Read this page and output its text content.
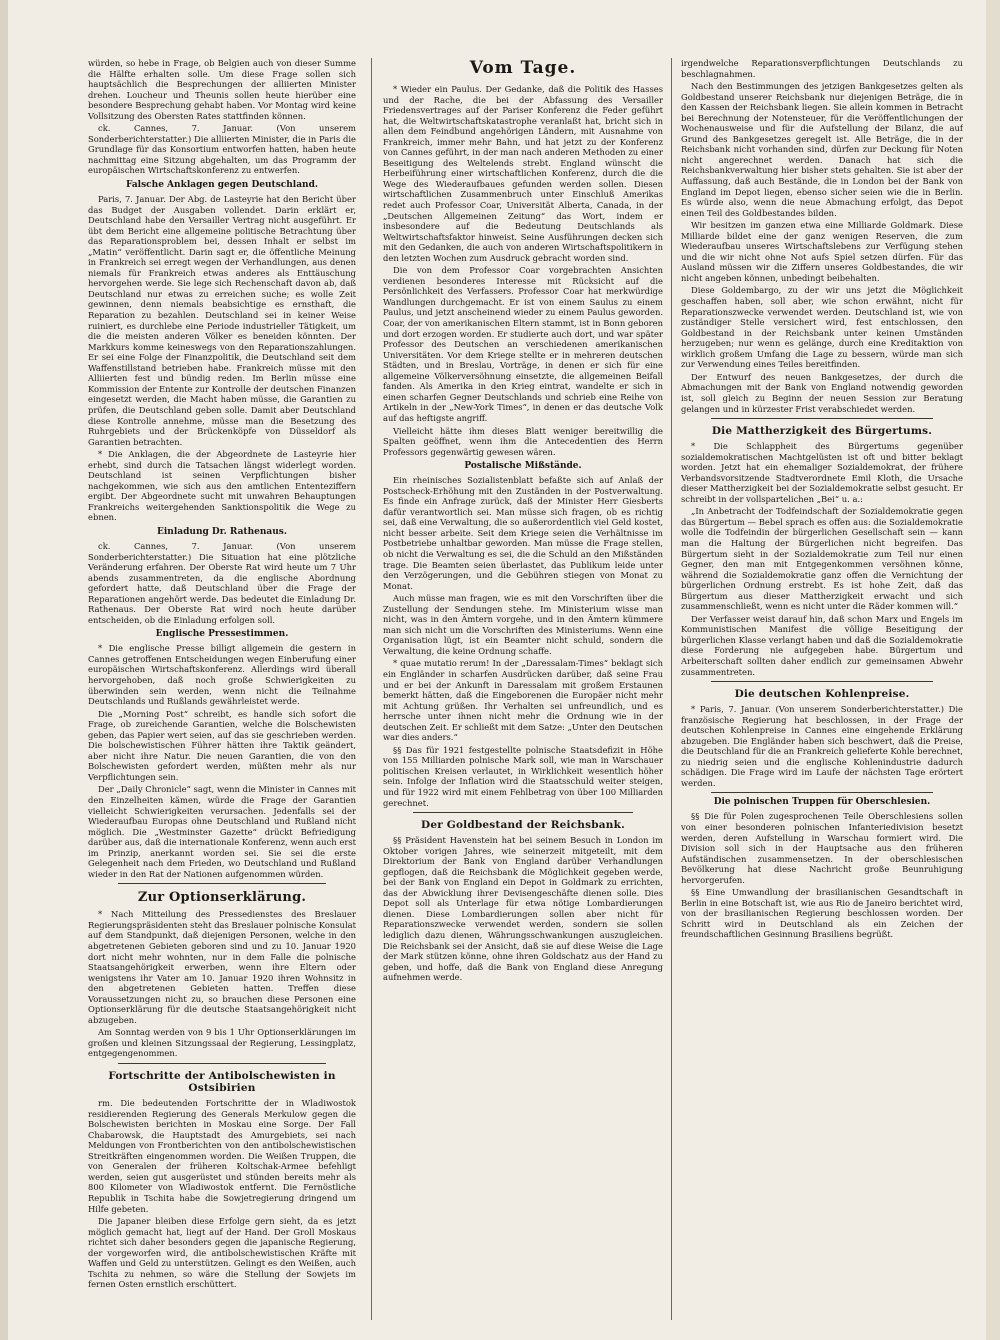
würden, so hebe in Frage, ob Belgien auch von dieser Summe die Hälfte erhalten solle. Um diese Frage sollen sich hauptsächlich die Besprechungen der alliierten Minister drehen. Loucheur und Theunis sollen heute hierüber eine besondere Besprechung gehabt haben. Vor Montag wird keine Vollsitzung des Obersten Rates stattfinden können.

ck. Cannes, 7. Januar. (Von unserem Sonderberichterstatter.) Die alliierten Minister, die in Paris die Grundlage für das Konsortium entworfen hatten, haben heute nachmittag eine Sitzung abgehalten, um das Programm der europäischen Wirtschaftskonferenz zu entwerfen.

Falsche Anklagen gegen Deutschland.

Paris, 7. Januar. Der Abg. de Lasteyrie hat den Bericht über das Budget der Ausgaben vollendet. Darin erklärt er, Deutschland habe den Versailler Vertrag nicht ausgeführt. Er übt dem Bericht eine allgemeine politische Betrachtung über das Reparationsproblem bei, dessen Inhalt er selbst im „Matin“ veröffentlicht. Darin sagt er, die öffentliche Meinung in Frankreich sei erregt wegen der Verhandlungen, aus denen niemals für Frankreich etwas anderes als Enttäuschung hervorgehen werde. Sie lege sich Rechenschaft davon ab, daß Deutschland nur etwas zu erreichen suche; es wolle Zeit gewinnen, denn niemals beabsichtige es ernsthaft, die Reparation zu bezahlen. Deutschland sei in keiner Weise ruiniert, es durchlebe eine Periode industrieller Tätigkeit, um die die meisten anderen Völker es beneiden könnten. Der Markkurs komme keineswegs von den Reparationszahlungen. Er sei eine Folge der Finanzpolitik, die Deutschland seit dem Waffenstillstand betrieben habe. Frankreich müsse mit den Alliierten fest und bündig reden. Im Berlin müsse eine Kommission der Entente zur Kontrolle der deutschen Finanzen eingesetzt werden, die Macht haben müsse, die Garantien zu prüfen, die Deutschland geben solle. Damit aber Deutschland diese Kontrolle annehme, müsse man die Besetzung des Ruhrgebiets und der Brückenköpfe von Düsseldorf als Garantien betrachten.

* Die Anklagen, die der Abgeordnete de Lasteyrie hier erhebt, sind durch die Tatsachen längst widerlegt worden. Deutschland ist seinen Verpflichtungen bisher nachgekommen, wie sich aus den amtlichen Ententeziffern ergibt. Der Abgeordnete sucht mit unwahren Behauptungen Frankreichs weitergehenden Sanktionspolitik die Wege zu ebnen.

Einladung Dr. Rathenaus.

ck. Cannes, 7. Januar. (Von unserem Sonderberichterstatter.) Die Situation hat eine plötzliche Veränderung erfahren. Der Oberste Rat wird heute um 7 Uhr abends zusammentreten, da die englische Abordnung gefordert hatte, daß Deutschland über die Frage der Reparationen angehört werde. Das bedeutet die Einladung Dr. Rathenaus. Der Oberste Rat wird noch heute darüber entscheiden, ob die Einladung erfolgen soll.

Englische Pressestimmen.

* Die englische Presse billigt allgemein die gestern in Cannes getroffenen Entscheidungen wegen Einberufung einer europäischen Wirtschaftskonferenz. Allerdings wird überall hervorgehoben, daß noch große Schwierigkeiten zu überwinden sein werden, wenn nicht die Teilnahme Deutschlands und Rußlands gewährleistet werde.

Die „Morning Post“ schreibt, es handle sich sofort die Frage, ob zureichende Garantien, welche die Bolschewisten geben, das Papier wert seien, auf das sie geschrieben werden. Die bolschewistischen Führer hätten ihre Taktik geändert, aber nicht ihre Natur. Die neuen Garantien, die von den Bolschewisten gefordert werden, müßten mehr als nur Verpflichtungen sein.

Der „Daily Chronicle“ sagt, wenn die Minister in Cannes mit den Einzelheiten kämen, würde die Frage der Garantien vielleicht Schwierigkeiten verursachen. Jedenfalls sei der Wiederaufbau Europas ohne Deutschland und Rußland nicht möglich. Die „Westminster Gazette“ drückt Befriedigung darüber aus, daß die internationale Konferenz, wenn auch erst im Prinzip, anerkannt worden sei. Sie sei die erste Gelegenheit nach dem Frieden, wo Deutschland und Rußland wieder in den Rat der Nationen aufgenommen würden.

Zur Optionserklärung.

* Nach Mitteilung des Pressedienstes des Breslauer Regierungspräsidenten steht das Breslauer polnische Konsulat auf dem Standpunkt, daß diejenigen Personen, welche in den abgetretenen Gebieten geboren sind und zu 10. Januar 1920 dort nicht mehr wohnten, nur in dem Falle die polnische Staatsangehörigkeit erwerben, wenn ihre Eltern oder wenigstens ihr Vater am 10. Januar 1920 ihren Wohnsitz in den abgetretenen Gebieten hatten. Treffen diese Voraussetzungen nicht zu, so brauchen diese Personen eine Optionserklärung für die deutsche Staatsangehörigkeit nicht abzugeben.

Am Sonntag werden von 9 bis 1 Uhr Optionserklärungen im großen und kleinen Sitzungssaal der Regierung, Lessingplatz, entgegengenommen.

Fortschritte der Antibolschewisten in Ostsibirien

rm. Die bedeutenden Fortschritte der in Wladiwostok residierenden Regierung des Generals Merkulow gegen die Bolschewisten berichten in Moskau eine Sorge. Der Fall Chabarowsk, die Hauptstadt des Amurgebiets, sei nach Meldungen von Frontberichten von den antibolschewistischen Streitkräften eingenommen worden. Die Weißen Truppen, die von Generalen der früheren Koltschak-Armee befehligt werden, seien gut ausgerüstet und stünden bereits mehr als 800 Kilometer von Wladiwostok entfernt. Die Fernöstliche Republik in Tschita habe die Sowjetregierung dringend um Hilfe gebeten.

Die Japaner bleiben diese Erfolge gern sieht, da es jetzt möglich gemacht hat, liegt auf der Hand. Der Groll Moskaus richtet sich daher besonders gegen die japanische Regierung, der vorgeworfen wird, die antibolschewistischen Kräfte mit Waffen und Geld zu unterstützen. Gelingt es den Weißen, auch Tschita zu nehmen, so wäre die Stellung der Sowjets im fernen Osten ernstlich erschüttert.

Vom Tage.

* Wieder ein Paulus. Der Gedanke, daß die Politik des Hasses und der Rache, die bei der Abfassung des Versailler Friedensvertrages auf der Pariser Konferenz die Feder geführt hat, die Weltwirtschaftskatastrophe veranlaßt hat, bricht sich in allen dem Feindbund angehörigen Ländern, mit Ausnahme von Frankreich, immer mehr Bahn, und hat jetzt zu der Konferenz von Cannes geführt, in der man nach anderen Methoden zu einer Beseitigung des Weltelends strebt. England wünscht die Herbeiführung einer wirtschaftlichen Konferenz, durch die die Wege des Wiederaufbaues gefunden werden sollen. Diesen wirtschaftlichen Zusammenbruch unter Einschluß Amerikas redet auch Professor Coar, Universität Alberta, Canada, in der „Deutschen Allgemeinen Zeitung“ das Wort, indem er insbesondere auf die Bedeutung Deutschlands als Weltwirtschaftsfaktor hinweist. Seine Ausführungen decken sich mit den Gedanken, die auch von anderen Wirtschaftspolitikern in den letzten Wochen zum Ausdruck gebracht worden sind.

Die von dem Professor Coar vorgebrachten Ansichten verdienen besonderes Interesse mit Rücksicht auf die Persönlichkeit des Verfassers. Professor Coar hat merkwürdige Wandlungen durchgemacht. Er ist von einem Saulus zu einem Paulus, und jetzt anscheinend wieder zu einem Paulus geworden. Coar, der von amerikanischen Eltern stammt, ist in Bonn geboren und dort erzogen worden. Er studierte auch dort, und war später Professor des Deutschen an verschiedenen amerikanischen Universitäten. Vor dem Kriege stellte er in mehreren deutschen Städten, und in Breslau, Vorträge, in denen er sich für eine allgemeine Völkerversöhnung einsetzte, die allgemeinen Beifall fanden. Als Amerika in den Krieg eintrat, wandelte er sich in einen scharfen Gegner Deutschlands und schrieb eine Reihe von Artikeln in der „New-York Times“, in denen er das deutsche Volk auf das heftigste angriff.

Vielleicht hätte ihm dieses Blatt weniger bereitwillig die Spalten geöffnet, wenn ihm die Antecedentien des Herrn Professors gegenwärtig gewesen wären.

Postalische Mißstände.

Ein rheinisches Sozialistenblatt befaßte sich auf Anlaß der Postscheck-Erhöhung mit den Zuständen in der Postverwaltung. Es finde ein Anfrage zurück, daß der Minister Herr Giesberts dafür verantwortlich sei. Man müsse sich fragen, ob es richtig sei, daß eine Verwaltung, die so außerordentlich viel Geld kostet, nicht besser arbeite. Seit dem Kriege seien die Verhältnisse im Postbetriebe unhaltbar geworden. Man müsse die Frage stellen, ob nicht die Verwaltung es sei, die die Schuld an den Mißständen trage. Die Beamten seien überlastet, das Publikum leide unter den Verzögerungen, und die Gebühren stiegen von Monat zu Monat.

Auch müsse man fragen, wie es mit den Vorschriften über die Zustellung der Sendungen stehe. Im Ministerium wisse man nicht, was in den Ämtern vorgehe, und in den Ämtern kümmere man sich nicht um die Vorschriften des Ministeriums. Wenn eine Organisation lügt, ist ein Beamter nicht schuld, sondern die Verwaltung, die keine Ordnung schaffe.

* quae mutatio rerum! In der „Daressalam-Times“ beklagt sich ein Engländer in scharfen Ausdrücken darüber, daß seine Frau und er bei der Ankunft in Daressalam mit großem Erstaunen bemerkt hätten, daß die Eingeborenen die Europäer nicht mehr mit Achtung grüßen. Ihr Verhalten sei unfreundlich, und es herrsche unter ihnen nicht mehr die Ordnung wie in der deutschen Zeit. Er schließt mit dem Satze: „Unter den Deutschen war dies anders.“

§§ Das für 1921 festgestellte polnische Staatsdefizit in Höhe von 155 Milliarden polnische Mark soll, wie man in Warschauer politischen Kreisen verlautet, in Wirklichkeit wesentlich höher sein. Infolge der Inflation wird die Staatsschuld weiter steigen, und für 1922 wird mit einem Fehlbetrag von über 100 Milliarden gerechnet.

Der Goldbestand der Reichsbank.

§§ Präsident Havenstein hat bei seinem Besuch in London im Oktober vorigen Jahres, wie seinerzeit mitgeteilt, mit dem Direktorium der Bank von England darüber Verhandlungen gepflogen, daß die Reichsbank die Möglichkeit gegeben werde, bei der Bank von England ein Depot in Goldmark zu errichten, das der Abwicklung ihrer Devisengeschäfte dienen solle. Dies Depot soll als Unterlage für etwa nötige Lombardierungen dienen. Diese Lombardierungen sollen aber nicht für Reparationszwecke verwendet werden, sondern sie sollen lediglich dazu dienen, Währungsschwankungen auszugleichen. Die Reichsbank sei der Ansicht, daß sie auf diese Weise die Lage der Mark stützen könne, ohne ihren Goldschatz aus der Hand zu geben, und hoffe, daß die Bank von England diese Anregung aufnehmen werde.

irgendwelche Reparationsverpflichtungen Deutschlands zu beschlagnahmen.

Nach den Bestimmungen des jetzigen Bankgesetzes gelten als Goldbestand unserer Reichsbank nur diejenigen Beträge, die in den Kassen der Reichsbank liegen. Sie allein kommen in Betracht bei Berechnung der Notensteuer, für die Veröffentlichungen der Wochenausweise und für die Aufstellung der Bilanz, die auf Grund des Bankgesetzes geregelt ist. Alle Beträge, die in der Reichsbank nicht vorhanden sind, dürfen zur Deckung für Noten nicht angerechnet werden. Danach hat sich die Reichsbankverwaltung hier bisher stets gehalten. Sie ist aber der Auffassung, daß auch Bestände, die in London bei der Bank von England im Depot liegen, ebenso sicher seien wie die in Berlin. Es würde also, wenn die neue Abmachung erfolgt, das Depot einen Teil des Goldbestandes bilden.

Wir besitzen im ganzen etwa eine Milliarde Goldmark. Diese Milliarde bildet eine der ganz wenigen Reserven, die zum Wiederaufbau unseres Wirtschaftslebens zur Verfügung stehen und die wir nicht ohne Not aufs Spiel setzen dürfen. Für das Ausland müssen wir die Ziffern unseres Goldbestandes, die wir nicht angeben können, unbedingt beibehalten.

Diese Goldembargo, zu der wir uns jetzt die Möglichkeit geschaffen haben, soll aber, wie schon erwähnt, nicht für Reparationszwecke verwendet werden. Deutschland ist, wie von zuständiger Stelle versichert wird, fest entschlossen, den Goldbestand in der Reichsbank unter keinen Umständen herzugeben; nur wenn es gelänge, durch eine Kreditaktion von wirklich großem Umfang die Lage zu bessern, würde man sich zur Verwendung eines Teiles bereitfinden.

Der Entwurf des neuen Bankgesetzes, der durch die Abmachungen mit der Bank von England notwendig geworden ist, soll gleich zu Beginn der neuen Session zur Beratung gelangen und in kürzester Frist verabschiedet werden.

Die Mattherzigkeit des Bürgertums.

* Die Schlappheit des Bürgertums gegenüber sozialdemokratischen Machtgelüsten ist oft und bitter beklagt worden. Jetzt hat ein ehemaliger Sozialdemokrat, der frühere Verbandsvorsitzende Stadtverordnete Emil Kloth, die Ursache dieser Mattherzigkeit bei der Sozialdemokratie selbst gesucht. Er schreibt in der vollspartelichen „Bei“ u. a.:

„In Anbetracht der Todfeindschaft der Sozialdemokratie gegen das Bürgertum — Bebel sprach es offen aus: die Sozialdemokratie wolle die Todfeindin der bürgerlichen Gesellschaft sein — kann man die Haltung der Bürgerlichen nicht begreifen. Das Bürgertum sieht in der Sozialdemokratie zum Teil nur einen Gegner, den man mit Entgegenkommen versöhnen könne, während die Sozialdemokratie ganz offen die Vernichtung der bürgerlichen Ordnung erstrebt. Es ist hohe Zeit, daß das Bürgertum aus dieser Mattherzigkeit erwacht und sich zusammenschließt, wenn es nicht unter die Räder kommen will.“

Der Verfasser weist darauf hin, daß schon Marx und Engels im Kommunistischen Manifest die völlige Beseitigung der bürgerlichen Klasse verlangt haben und daß die Sozialdemokratie diese Forderung nie aufgegeben habe. Bürgertum und Arbeiterschaft sollten daher endlich zur gemeinsamen Abwehr zusammentreten.

Die deutschen Kohlenpreise.

* Paris, 7. Januar. (Von unserem Sonderberichterstatter.) Die französische Regierung hat beschlossen, in der Frage der deutschen Kohlenpreise in Cannes eine eingehende Erklärung abzugeben. Die Engländer haben sich beschwert, daß die Preise, die Deutschland für die an Frankreich gelieferte Kohle berechnet, zu niedrig seien und die englische Kohlenindustrie dadurch schädigen. Die Frage wird im Laufe der nächsten Tage erörtert werden.

Die polnischen Truppen für Oberschlesien.

§§ Die für Polen zugesprochenen Teile Oberschlesiens sollen von einer besonderen polnischen Infanteriedivision besetzt werden, deren Aufstellung in Warschau formiert wird. Die Division soll sich in der Hauptsache aus den früheren Aufständischen zusammensetzen. In der oberschlesischen Bevölkerung hat diese Nachricht große Beunruhigung hervorgerufen.

§§ Eine Umwandlung der brasilianischen Gesandtschaft in Berlin in eine Botschaft ist, wie aus Rio de Janeiro berichtet wird, von der brasilianischen Regierung beschlossen worden. Der Schritt wird in Deutschland als ein Zeichen der freundschaftlichen Gesinnung Brasiliens begrüßt.
